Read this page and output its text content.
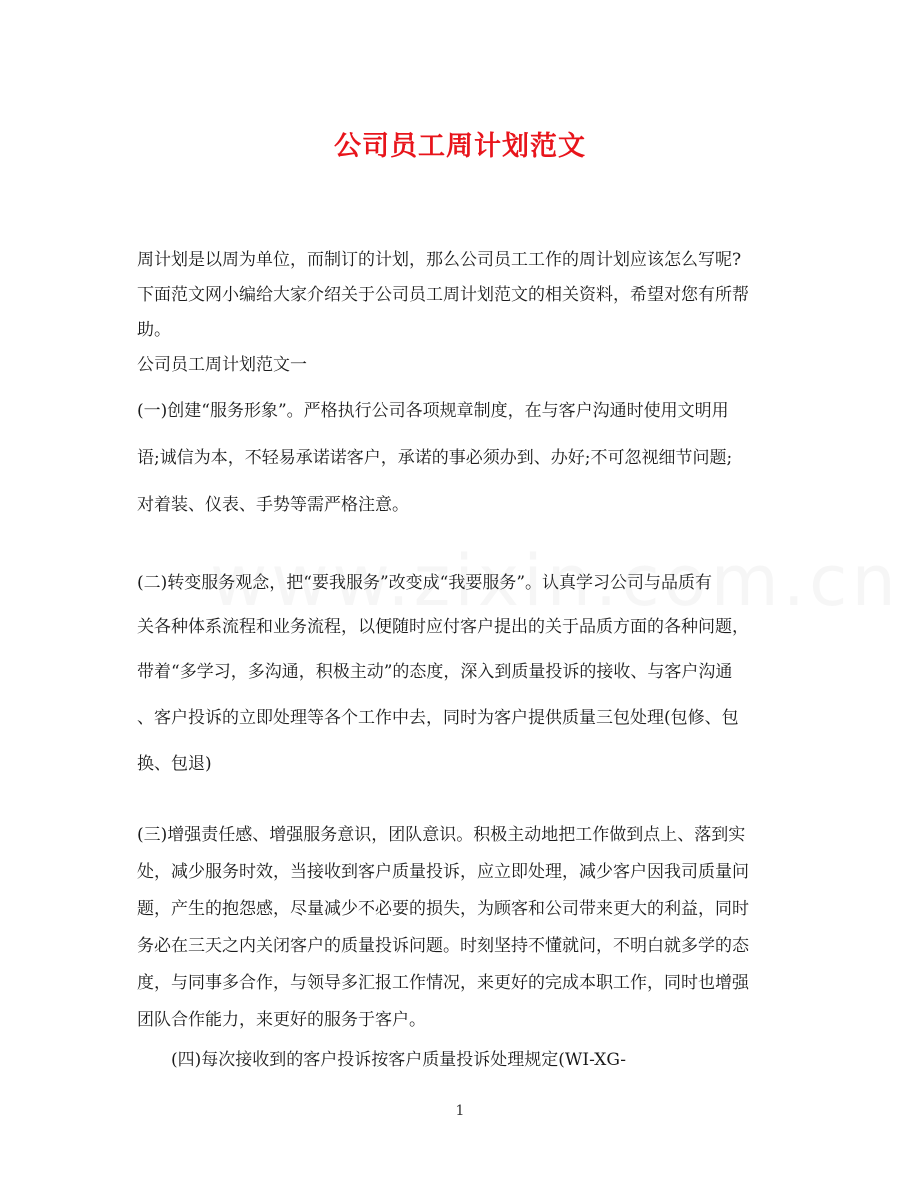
公司员工周计划范文
周计划是以周为单位，而制订的计划，那么公司员工工作的周计划应该怎么写呢?
下面范文网小编给大家介绍关于公司员工周计划范文的相关资料，希望对您有所帮
助。
公司员工周计划范文一
(一)创建“服务形象”。严格执行公司各项规章制度，在与客户沟通时使用文明用
语;诚信为本，不轻易承诺诺客户，承诺的事必须办到、办好;不可忽视细节问题;
对着装、仪表、手势等需严格注意。
(二)转变服务观念，把“要我服务”改变成“我要服务”。认真学习公司与品质有
关各种体系流程和业务流程，以便随时应付客户提出的关于品质方面的各种问题，
带着“多学习，多沟通，积极主动”的态度，深入到质量投诉的接收、与客户沟通
、客户投诉的立即处理等各个工作中去，同时为客户提供质量三包处理(包修、包
换、包退)
(三)增强责任感、增强服务意识，团队意识。积极主动地把工作做到点上、落到实
处，减少服务时效，当接收到客户质量投诉，应立即处理，减少客户因我司质量问
题，产生的抱怨感，尽量减少不必要的损失，为顾客和公司带来更大的利益，同时
务必在三天之内关闭客户的质量投诉问题。时刻坚持不懂就问，不明白就多学的态
度，与同事多合作，与领导多汇报工作情况，来更好的完成本职工作，同时也增强
团队合作能力，来更好的服务于客户。
　　(四)每次接收到的客户投诉按客户质量投诉处理规定(WI-XG-
1
